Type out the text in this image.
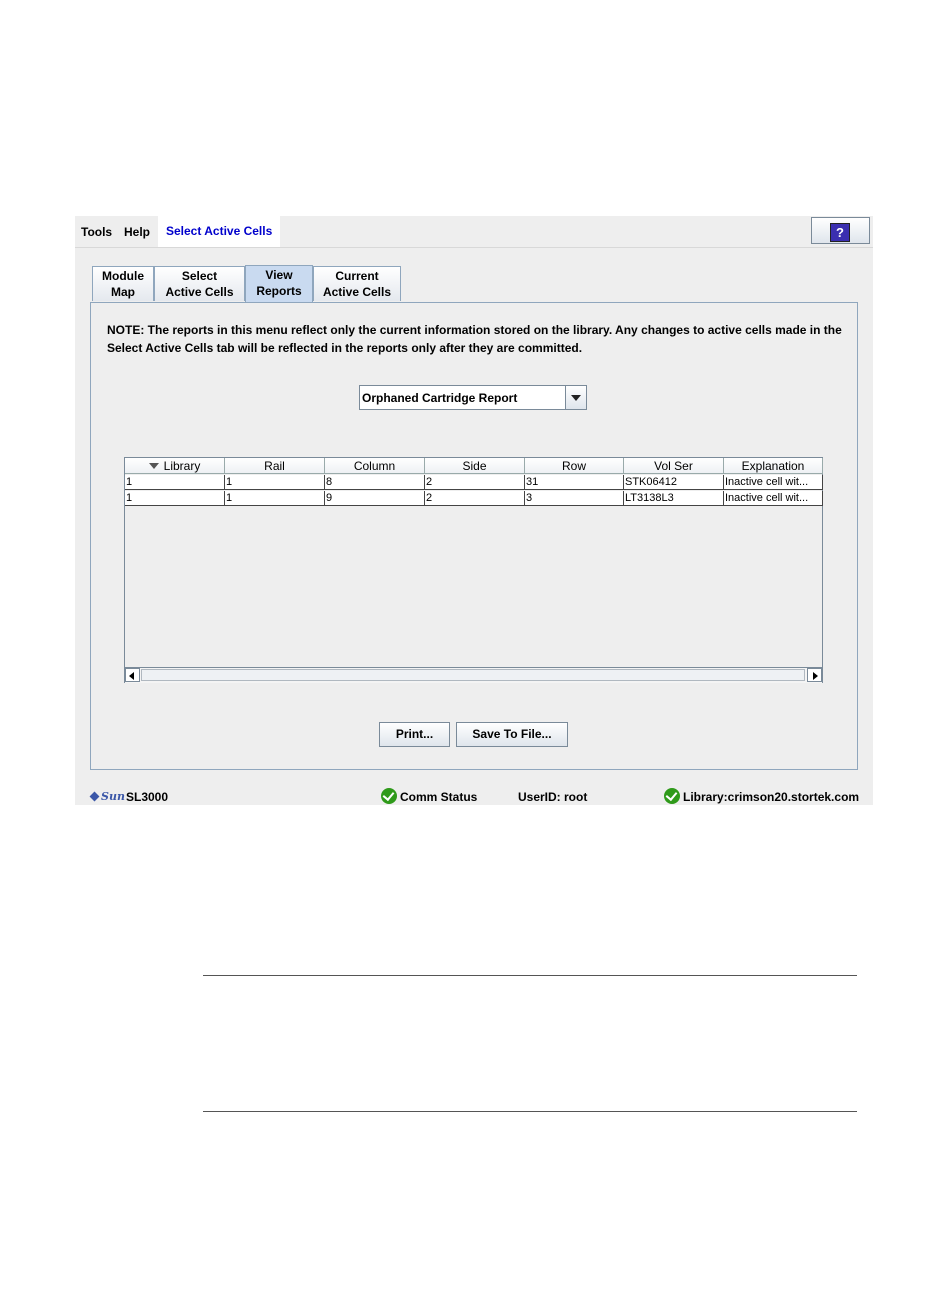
Tools Help	Select Active Cells	?
Module
Map
Select
Active Cells
View
Reports
Current
Active Cells
NOTE: The reports in this menu reflect only the current information stored on the library. Any changes to active cells made in the Select Active Cells tab will be reflected in the reports only after they are committed.
Orphaned Cartridge Report
Library	Rail	Column	Side	Row	Vol Ser	Explanation
1	1	8	2	31	STK06412	Inactive cell wit...
1	1	9	2	3	LT3138L3	Inactive cell wit...
Print...	Save To File...
Sun SL3000	Comm Status	UserID: root	Library:crimson20.stortek.com
